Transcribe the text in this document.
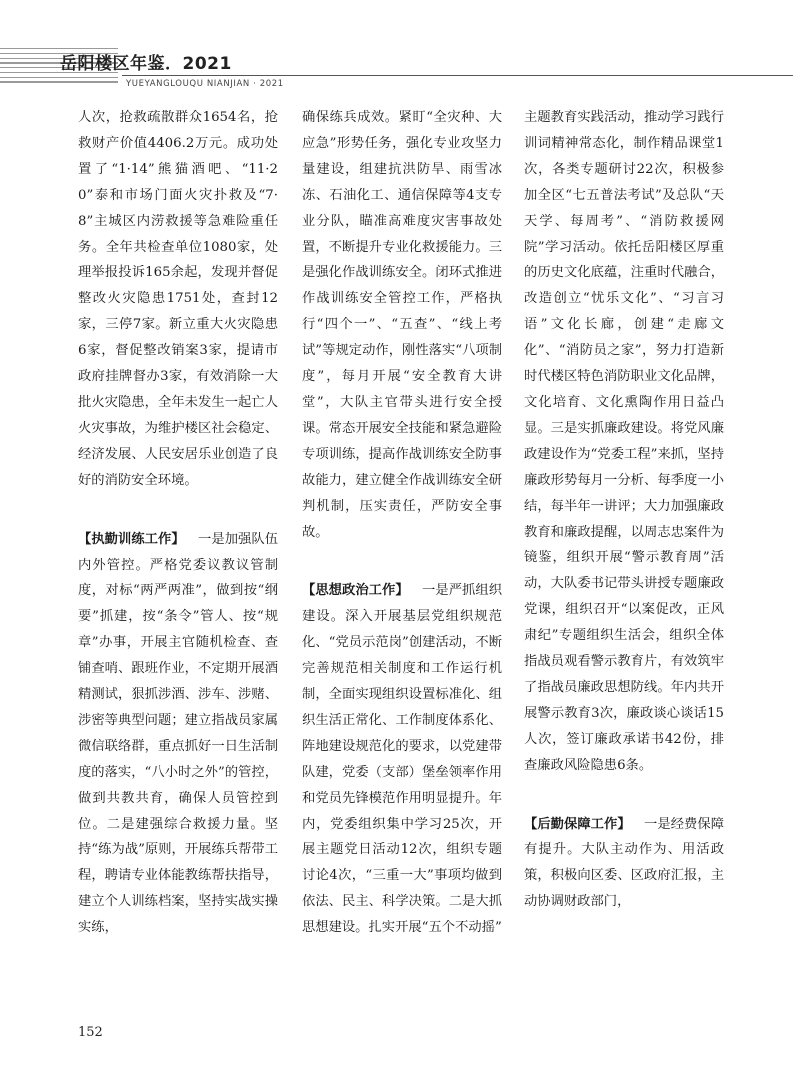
岳阳楼区年鉴．2021
YUEYANGLOUQU NIANJIAN · 2021

人次，抢救疏散群众1654名，抢救财产价值4406.2万元。成功处置了“1·14”熊猫酒吧、“11·20”泰和市场门面火灾扑救及“7·8”主城区内涝救援等急难险重任务。全年共检查单位1080家，处理举报投诉165余起，发现并督促整改火灾隐患1751处，查封12家，三停7家。新立重大火灾隐患6家，督促整改销案3家，提请市政府挂牌督办3家，有效消除一大批火灾隐患，全年未发生一起亡人火灾事故，为维护楼区社会稳定、经济发展、人民安居乐业创造了良好的消防安全环境。

【执勤训练工作】  一是加强队伍内外管控。严格党委议教议管制度，对标“两严两准”，做到按“纲要”抓建，按“条令”管人、按“规章”办事，开展主官随机检查、查铺查哨、跟班作业，不定期开展酒精测试，狠抓涉酒、涉车、涉赌、涉密等典型问题；建立指战员家属微信联络群，重点抓好一日生活制度的落实，“八小时之外”的管控，做到共教共育，确保人员管控到位。二是建强综合救援力量。坚持“练为战”原则，开展练兵帮带工程，聘请专业体能教练帮扶指导，建立个人训练档案，坚持实战实操实练，

确保练兵成效。紧盯“全灾种、大应急”形势任务，强化专业攻坚力量建设，组建抗洪防旱、雨雪冰冻、石油化工、通信保障等4支专业分队，瞄准高难度灾害事故处置，不断提升专业化救援能力。三是强化作战训练安全。闭环式推进作战训练安全管控工作，严格执行“四个一”、“五查”、“线上考试”等规定动作，刚性落实“八项制度”，每月开展“安全教育大讲堂”，大队主官带头进行安全授课。常态开展安全技能和紧急避险专项训练，提高作战训练安全防事故能力，建立健全作战训练安全研判机制，压实责任，严防安全事故。

【思想政治工作】  一是严抓组织建设。深入开展基层党组织规范化、“党员示范岗”创建活动，不断完善规范相关制度和工作运行机制，全面实现组织设置标准化、组织生活正常化、工作制度体系化、阵地建设规范化的要求，以党建带队建，党委（支部）堡垒领率作用和党员先锋模范作用明显提升。年内，党委组织集中学习25次，开展主题党日活动12次，组织专题讨论4次，“三重一大”事项均做到依法、民主、科学决策。二是大抓思想建设。扎实开展“五个不动摇”

主题教育实践活动，推动学习践行训词精神常态化，制作精品课堂1次，各类专题研讨22次，积极参加全区“七五普法考试”及总队“天天学、每周考”、“消防救援网院”学习活动。依托岳阳楼区厚重的历史文化底蕴，注重时代融合，改造创立“忧乐文化”、“习言习语”文化长廊，创建“走廊文化”、“消防员之家”，努力打造新时代楼区特色消防职业文化品牌，文化培育、文化熏陶作用日益凸显。三是实抓廉政建设。将党风廉政建设作为“党委工程”来抓，坚持廉政形势每月一分析、每季度一小结，每半年一讲评；大力加强廉政教育和廉政提醒，以周志忠案件为镜鉴，组织开展“警示教育周”活动，大队委书记带头讲授专题廉政党课，组织召开“以案促改，正风肃纪”专题组织生活会，组织全体指战员观看警示教育片，有效筑牢了指战员廉政思想防线。年内共开展警示教育3次，廉政谈心谈话15人次，签订廉政承诺书42份，排查廉政风险隐患6条。

【后勤保障工作】  一是经费保障有提升。大队主动作为、用活政策，积极向区委、区政府汇报，主动协调财政部门，

152
